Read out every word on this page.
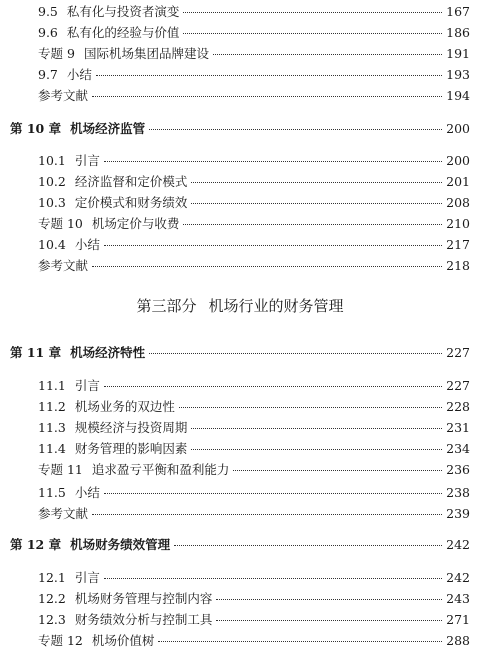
9.5 私有化与投资者演变	167
9.6 私有化的经验与价值	186
专题 9 国际机场集团品牌建设	191
9.7 小结	193
参考文献	194
第 10 章 机场经济监管	200
10.1 引言	200
10.2 经济监督和定价模式	201
10.3 定价模式和财务绩效	208
专题 10 机场定价与收费	210
10.4 小结	217
参考文献	218
第三部分 机场行业的财务管理
第 11 章 机场经济特性	227
11.1 引言	227
11.2 机场业务的双边性	228
11.3 规模经济与投资周期	231
11.4 财务管理的影响因素	234
专题 11 追求盈亏平衡和盈利能力	236
11.5 小结	238
参考文献	239
第 12 章 机场财务绩效管理	242
12.1 引言	242
12.2 机场财务管理与控制内容	243
12.3 财务绩效分析与控制工具	271
专题 12 机场价值树	288
